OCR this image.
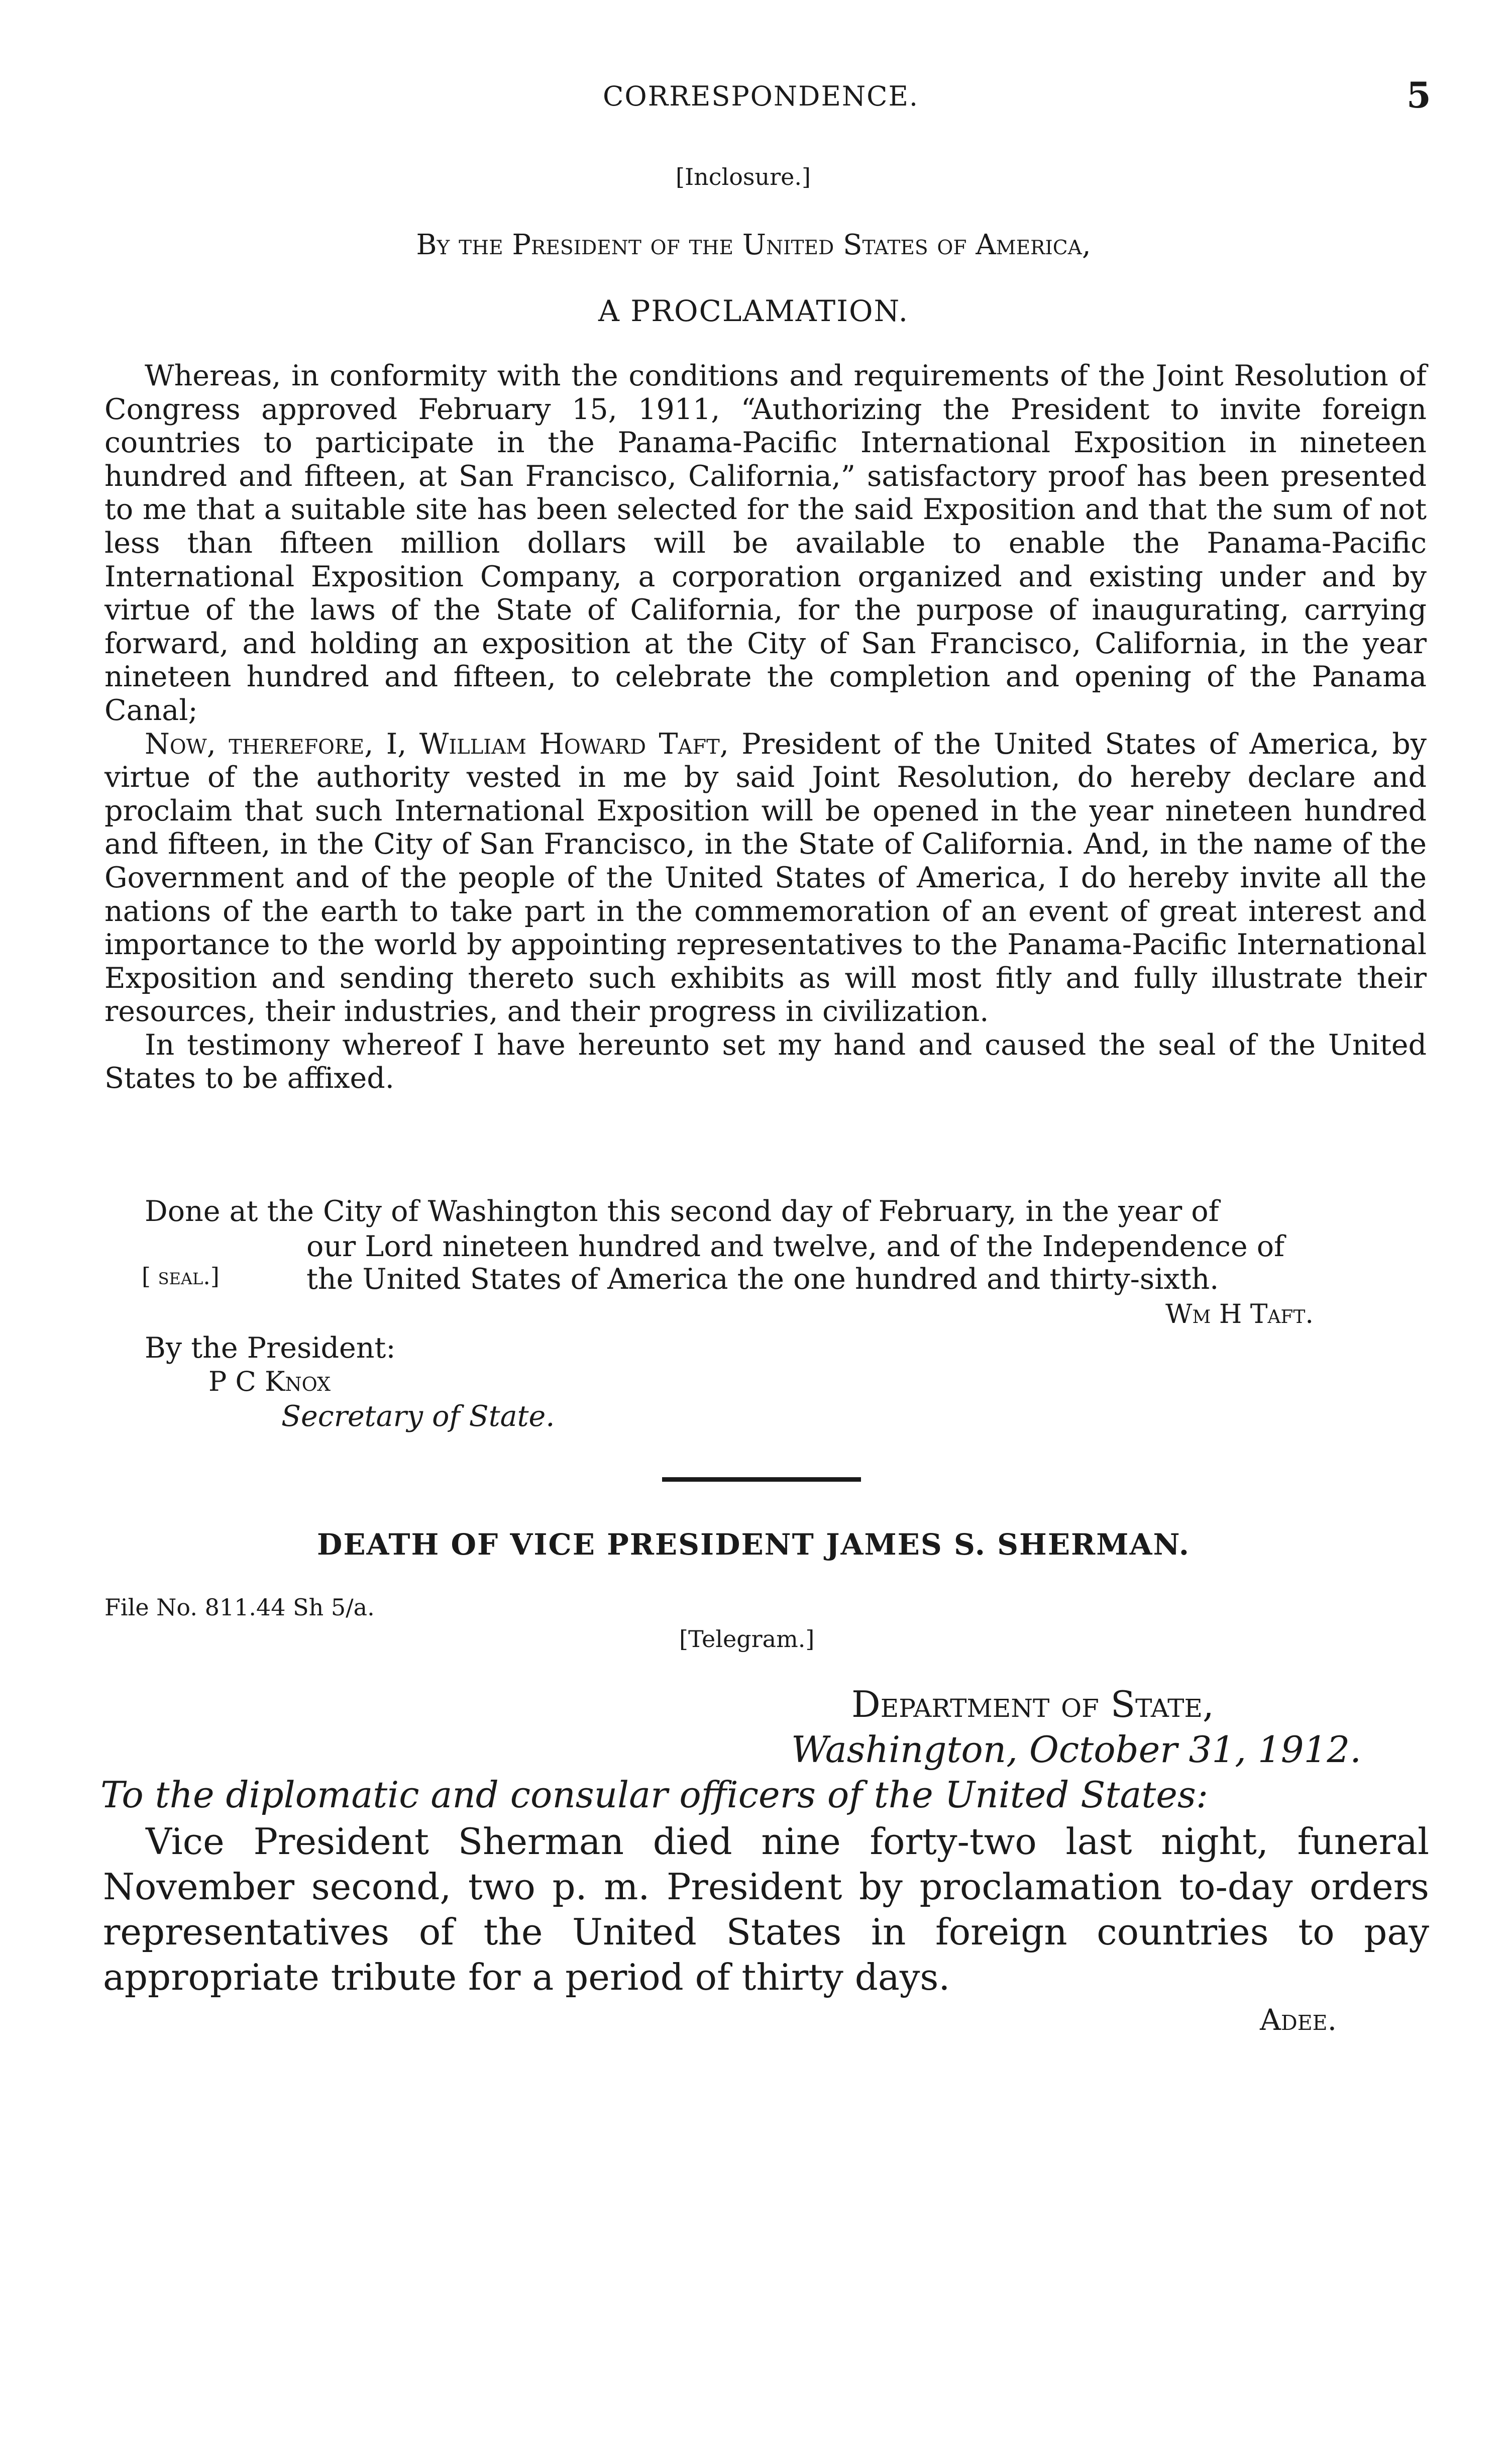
CORRESPONDENCE.	5
[Inclosure.]
By the President of the United States of America,
A PROCLAMATION.

Whereas, in conformity with the conditions and requirements of the Joint Resolution of Congress approved February 15, 1911, “Authorizing the President to invite foreign countries to participate in the Panama-Pacific International Exposition in nineteen hundred and fifteen, at San Francisco, California,” satisfactory proof has been presented to me that a suitable site has been selected for the said Exposition and that the sum of not less than fifteen million dollars will be available to enable the Panama-Pacific International Exposition Company, a corporation organized and existing under and by virtue of the laws of the State of California, for the purpose of inaugurating, carrying forward, and holding an exposition at the City of San Francisco, California, in the year nineteen hundred and fifteen, to celebrate the completion and opening of the Panama Canal;

Now, therefore, I, William Howard Taft, President of the United States of America, by virtue of the authority vested in me by said Joint Resolution, do hereby declare and proclaim that such International Exposition will be opened in the year nineteen hundred and fifteen, in the City of San Francisco, in the State of California. And, in the name of the Government and of the people of the United States of America, I do hereby invite all the nations of the earth to take part in the commemoration of an event of great interest and importance to the world by appointing representatives to the Panama-Pacific International Exposition and sending thereto such exhibits as will most fitly and fully illustrate their resources, their industries, and their progress in civilization.

In testimony whereof I have hereunto set my hand and caused the seal of the United States to be affixed.

Done at the City of Washington this second day of February, in the year of
our Lord nineteen hundred and twelve, and of the Independence of
[ seal.]	the United States of America the one hundred and thirty-sixth.
Wm H Taft.
By the President:
P C Knox
Secretary of State.
DEATH OF VICE PRESIDENT JAMES S. SHERMAN.
File No. 811.44 Sh 5/a.
[Telegram.]
Department of State,
Washington, October 31, 1912.
To the diplomatic and consular officers of the United States:

Vice President Sherman died nine forty-two last night, funeral November second, two p. m. President by proclamation to-day orders representatives of the United States in foreign countries to pay appropriate tribute for a period of thirty days.

Adee.
